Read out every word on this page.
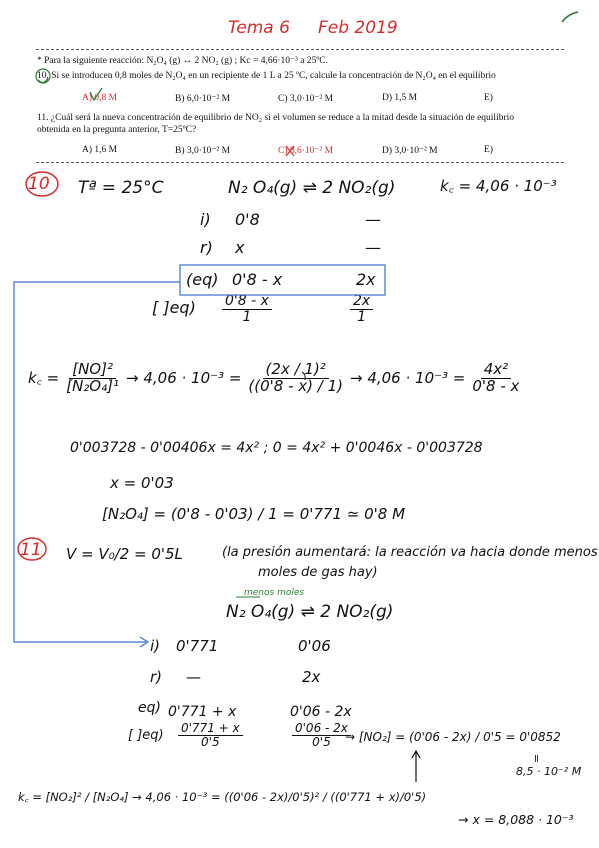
Tema 6 Feb 2019
* Para la siguiente reacción: N₂O₄ (g) ↔ 2 NO₂ (g) ; Kc = 4,66·10⁻³ a 25ºC.
10. Si se introducen 0,8 moles de N₂O₄ en un recipiente de 1 L a 25 ºC, calcule la concentración de N₂O₄ en el equilibrio
A) 0,8 M	B) 6,0·10⁻² M	C) 3,0·10⁻² M	D) 1,5 M	E)
11. ¿Cuál será la nueva concentración de equilibrio de NO₂ si el volumen se reduce a la mitad desde la situación de equilibrio
obtenida en la pregunta anterior, T=25ºC?
A) 1,6 M	B) 3,0·10⁻² M	C) 8,6·10⁻² M	D) 3,0·10⁻² M	E)
10 Tª = 25°C	N₂ O₄(g) ⇌ 2 NO₂(g)	k꜀ = 4,06 · 10⁻³
i) 0'8	—
r) x	—
(eq) 0'8 - x	2x
[ ]$eq) \frac{0'8 - x}{1}$	$\frac{2x}{1}$
k꜀ = $\frac{\text{[NO]²}}{\text{[N₂O₄]¹}} \to 4,06 \cdot 10^{-3} = \frac{\text{(2x / 1)²}}{((0'8 - x) / 1)} \to 4,06 \cdot 10^{-3} = \frac{\text{4x²}}{0'8 - x}$
0'003728 - 0'00406x = 4x² ; 0 = 4x² + 0'0046x - 0'003728
x = 0'03
[N₂O₄] = (0'8 - 0'03) / 1 = 0'771 ≃ 0'8 M
11 V = V₀/2 = 0'5L	(la presión aumentará: la reacción va hacia donde menos
moles de gas hay)
menos moles
N₂ O₄(g) ⇌ 2 NO₂(g)
i) 0'771	0'06
r) —	2x
eq) 0'771 + x	0'06 - 2x
[ ]$eq) \frac{0'771 + x}{0'5}$	$\frac{0'06 - 2x}{0'5}$
→ [NO₂] = (0'06 - 2x) / 0'5 = 0'0852
=
8,5 · 10⁻² M
k꜀ = [NO₂]² / [N₂O₄] → 4,06 · 10⁻³ = ((0'06 - 2x)/0'5)² / ((0'771 + x)/0'5)
→ x = 8,088 · 10⁻³
